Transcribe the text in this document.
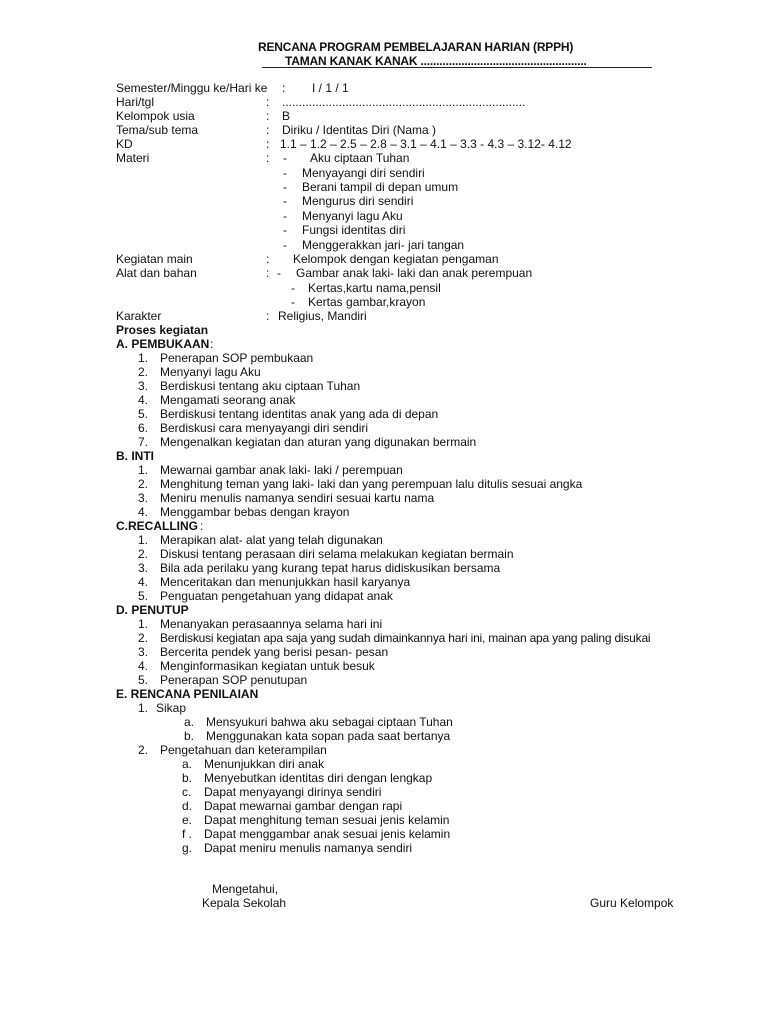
RENCANA PROGRAM PEMBELAJARAN HARIAN (RPPH)
TAMAN KANAK KANAK .....................................................
Semester/Minggu ke/Hari ke : I / 1 / 1
Hari/tgl	: .........................................................................
Kelompok usia	: B
Tema/sub tema	: Diriku / Identitas Diri (Nama )
KD	: 1.1 – 1.2 – 2.5 – 2.8 – 3.1 – 4.1 – 3.3 - 4.3 – 3.12- 4.12
Materi	: - Aku ciptaan Tuhan
- Menyayangi diri sendiri
- Berani tampil di depan umum
- Mengurus diri sendiri
- Menyanyi lagu Aku
- Fungsi identitas diri
- Menggerakkan jari- jari tangan
Kegiatan main	: Kelompok dengan kegiatan pengaman
Alat dan bahan	: - Gambar anak laki- laki dan anak perempuan
- Kertas,kartu nama,pensil
- Kertas gambar,krayon
Karakter	: Religius, Mandiri
Proses kegiatan
A. PEMBUKAAN :
1. Penerapan SOP pembukaan
2. Menyanyi lagu Aku
3. Berdiskusi tentang aku ciptaan Tuhan
4. Mengamati seorang anak
5. Berdiskusi tentang identitas anak yang ada di depan
6. Berdiskusi cara menyayangi diri sendiri
7. Mengenalkan kegiatan dan aturan yang digunakan bermain
B. INTI
1. Mewarnai gambar anak laki- laki / perempuan
2. Menghitung teman yang laki- laki dan yang perempuan lalu ditulis sesuai angka
3. Meniru menulis namanya sendiri sesuai kartu nama
4. Menggambar bebas dengan krayon
C.RECALLING :
1. Merapikan alat- alat yang telah digunakan
2. Diskusi tentang perasaan diri selama melakukan kegiatan bermain
3. Bila ada perilaku yang kurang tepat harus didiskusikan bersama
4. Menceritakan dan menunjukkan hasil karyanya
5. Penguatan pengetahuan yang didapat anak
D. PENUTUP
1. Menanyakan perasaannya selama hari ini
2. Berdiskusi kegiatan apa saja yang sudah dimainkannya hari ini, mainan apa yang paling disukai
3. Bercerita pendek yang berisi pesan- pesan
4. Menginformasikan kegiatan untuk besuk
5. Penerapan SOP penutupan
E. RENCANA PENILAIAN
1. Sikap
a. Mensyukuri bahwa aku sebagai ciptaan Tuhan
b. Menggunakan kata sopan pada saat bertanya
2. Pengetahuan dan keterampilan
a. Menunjukkan diri anak
b. Menyebutkan identitas diri dengan lengkap
c. Dapat menyayangi dirinya sendiri
d. Dapat mewarnai gambar dengan rapi
e. Dapat menghitung teman sesuai jenis kelamin
f . Dapat menggambar anak sesuai jenis kelamin
g. Dapat meniru menulis namanya sendiri
Mengetahui,
Kepala Sekolah	Guru Kelompok
